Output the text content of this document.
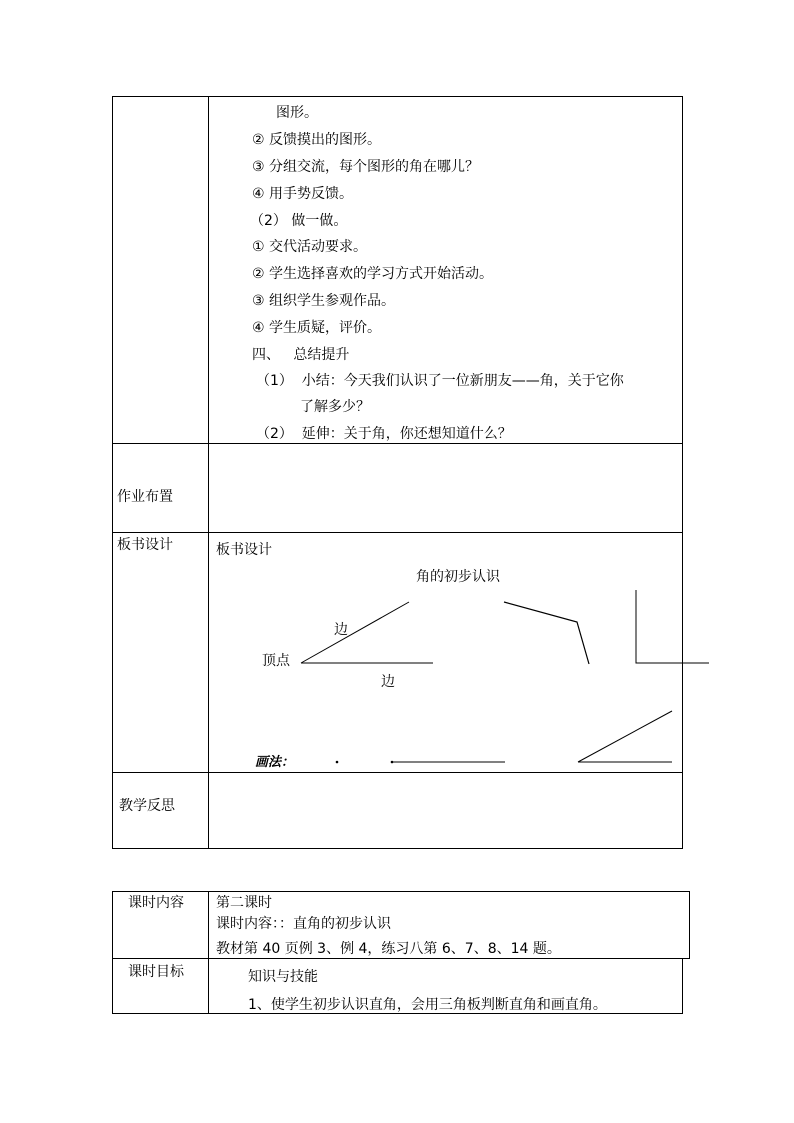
图形。
② 反馈摸出的图形。
③ 分组交流，每个图形的角在哪儿？
④ 用手势反馈。
（2） 做一做。
① 交代活动要求。
② 学生选择喜欢的学习方式开始活动。
③ 组织学生参观作品。
④ 学生质疑，评价。
四、   总结提升
（1）  小结：今天我们认识了一位新朋友——角，关于它你
了解多少？
（2）  延伸：关于角，你还想知道什么？
作业布置
板书设计	板书设计
角的初步认识
边
顶点
边
画法：
教学反思
课时内容 第二课时
课时内容：：直角的初步认识
教材第 40 页例 3、例 4，练习八第 6、7、8、14 题。
课时目标	知识与技能
1、使学生初步认识直角，会用三角板判断直角和画直角。
